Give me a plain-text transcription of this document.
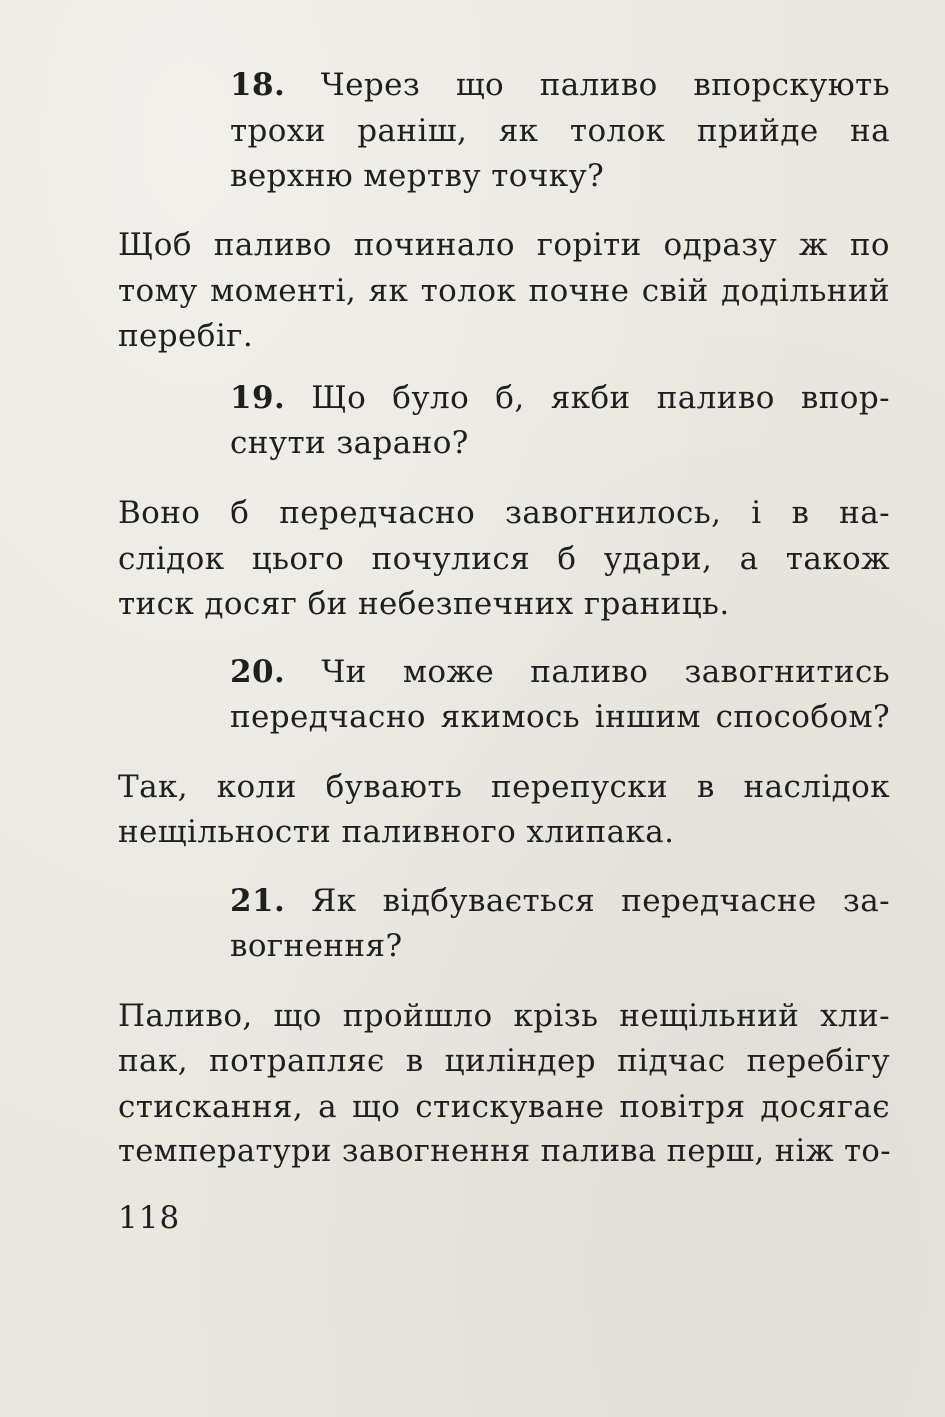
18. Через що паливо впорскують
трохи раніш, як толок прийде на
верхню мертву точку?
Щоб паливо починало горіти одразу ж по
тому моменті, як толок почне свій додільний
перебіг.
19. Що було б, якби паливо впор-
снути зарано?
Воно б передчасно завогнилось, і в на-
слідок цього почулися б удари, а також
тиск досяг би небезпечних границь.
20. Чи може паливо завогнитись
передчасно якимось іншим способом?
Так, коли бувають перепуски в наслідок
нещільности паливного хлипака.
21. Як відбувається передчасне за-
вогнення?
Паливо, що пройшло крізь нещільний хли-
пак, потрапляє в циліндер підчас перебігу
стискання, а що стискуване повітря досягає
температури завогнення палива перш, ніж то-
118
